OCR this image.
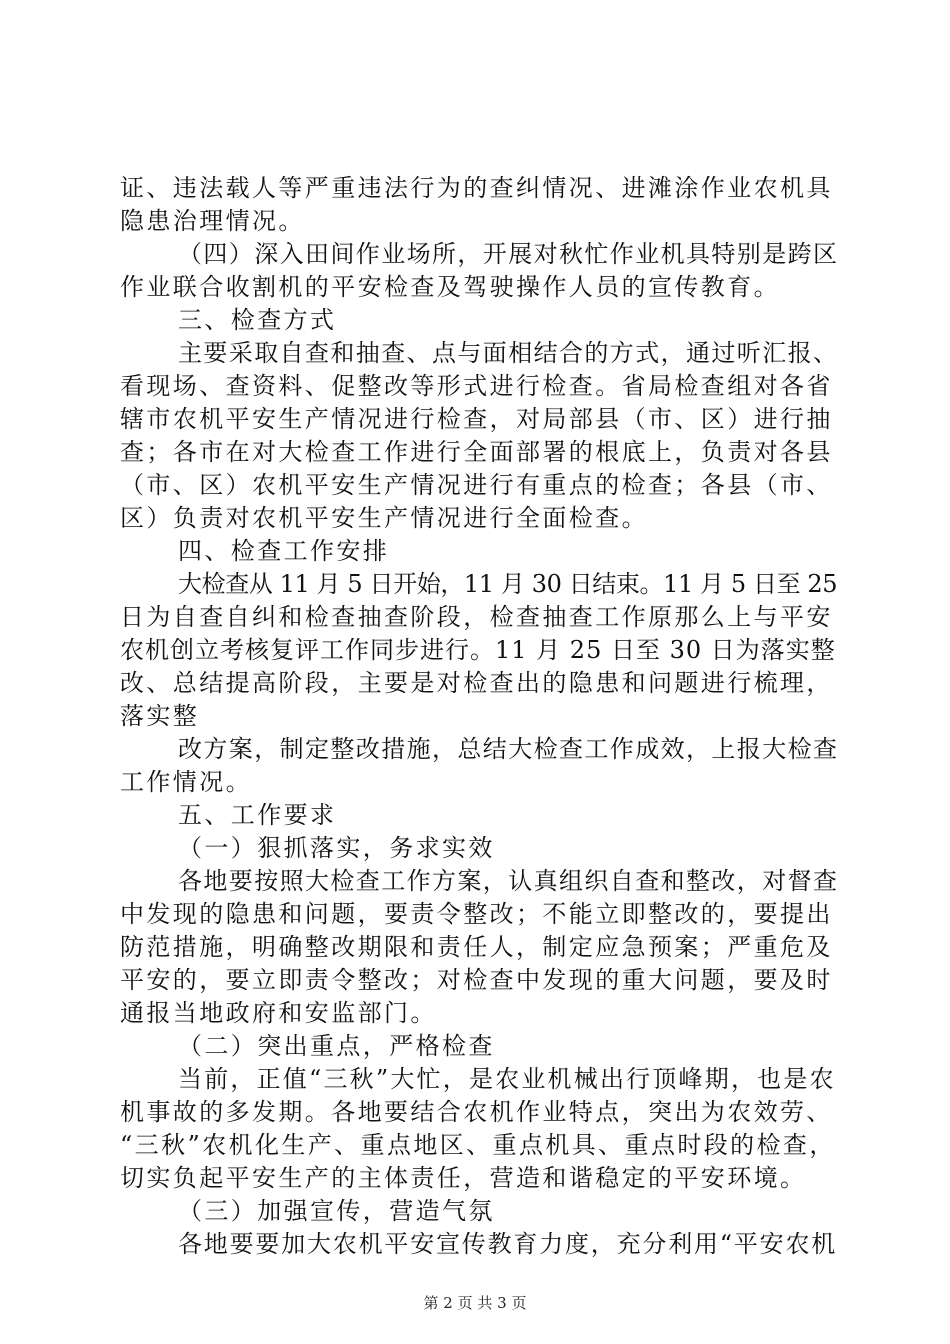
证、违法载人等严重违法行为的查纠情况、进滩涂作业农机具
隐患治理情况。
（四）深入田间作业场所，开展对秋忙作业机具特别是跨区
作业联合收割机的平安检查及驾驶操作人员的宣传教育。
三、检查方式
主要采取自查和抽查、点与面相结合的方式，通过听汇报、
看现场、查资料、促整改等形式进行检查。省局检查组对各省
辖市农机平安生产情况进行检查，对局部县（市、区）进行抽
查；各市在对大检查工作进行全面部署的根底上，负责对各县
（市、区）农机平安生产情况进行有重点的检查；各县（市、
区）负责对农机平安生产情况进行全面检查。
四、检查工作安排
大检查从 11 月 5 日开始，11 月 30 日结束。11 月 5 日至 25
日为自查自纠和检查抽查阶段，检查抽查工作原那么上与平安
农机创立考核复评工作同步进行。11 月 25 日至 30 日为落实整
改、总结提高阶段，主要是对检查出的隐患和问题进行梳理，
落实整
改方案，制定整改措施，总结大检查工作成效，上报大检查
工作情况。
五、工作要求
（一）狠抓落实，务求实效
各地要按照大检查工作方案，认真组织自查和整改，对督查
中发现的隐患和问题，要责令整改；不能立即整改的，要提出
防范措施，明确整改期限和责任人，制定应急预案；严重危及
平安的，要立即责令整改；对检查中发现的重大问题，要及时
通报当地政府和安监部门。
（二）突出重点，严格检查
当前，正值“三秋”大忙，是农业机械出行顶峰期，也是农
机事故的多发期。各地要结合农机作业特点，突出为农效劳、
“三秋”农机化生产、重点地区、重点机具、重点时段的检查，
切实负起平安生产的主体责任，营造和谐稳定的平安环境。
（三）加强宣传，营造气氛
各地要要加大农机平安宣传教育力度，充分利用“平安农机
第 2 页 共 3 页
